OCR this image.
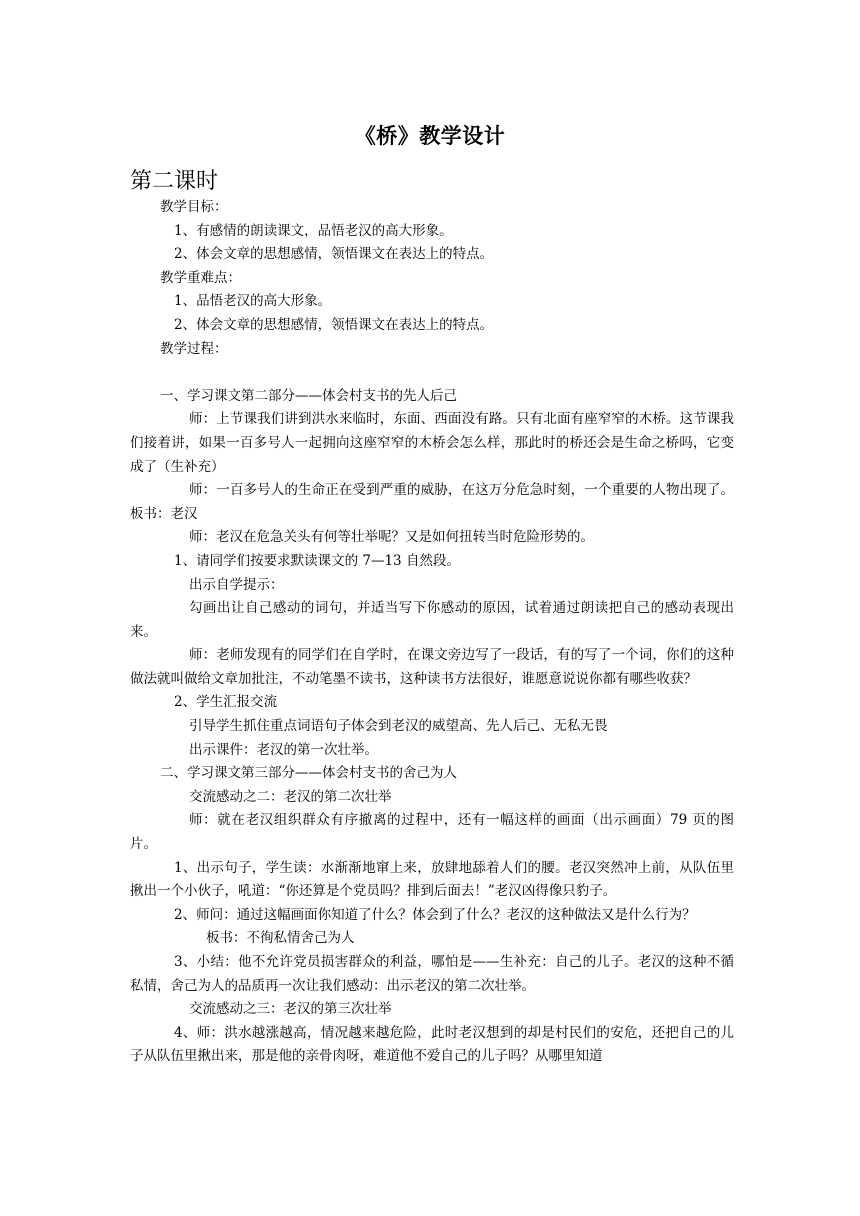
《桥》教学设计
第二课时

教学目标：

1、有感情的朗读课文，品悟老汉的高大形象。

2、体会文章的思想感情，领悟课文在表达上的特点。

教学重难点：

1、品悟老汉的高大形象。

2、体会文章的思想感情，领悟课文在表达上的特点。

教学过程：

一、学习课文第二部分——体会村支书的先人后己

师：上节课我们讲到洪水来临时，东面、西面没有路。只有北面有座窄窄的木桥。这节课我们接着讲，如果一百多号人一起拥向这座窄窄的木桥会怎么样，那此时的桥还会是生命之桥吗，它变成了（生补充）

师：一百多号人的生命正在受到严重的威胁，在这万分危急时刻，一个重要的人物出现了。板书：老汉

师：老汉在危急关头有何等壮举呢？又是如何扭转当时危险形势的。

1、请同学们按要求默读课文的 7—13 自然段。

出示自学提示：

勾画出让自己感动的词句，并适当写下你感动的原因，试着通过朗读把自己的感动表现出来。

师：老师发现有的同学们在自学时，在课文旁边写了一段话，有的写了一个词，你们的这种做法就叫做给文章加批注，不动笔墨不读书，这种读书方法很好，谁愿意说说你都有哪些收获？

2、学生汇报交流

引导学生抓住重点词语句子体会到老汉的威望高、先人后己、无私无畏

出示课件：老汉的第一次壮举。

二、学习课文第三部分——体会村支书的舍己为人

交流感动之二：老汉的第二次壮举

师：就在老汉组织群众有序撤离的过程中，还有一幅这样的画面（出示画面）79 页的图片。

1、出示句子，学生读：水渐渐地窜上来，放肆地舔着人们的腰。老汉突然冲上前，从队伍里揪出一个小伙子，吼道：“你还算是个党员吗？排到后面去！”老汉凶得像只豹子。

2、师问：通过这幅画面你知道了什么？体会到了什么？老汉的这种做法又是什么行为？

板书：不徇私情舍己为人

3、小结：他不允许党员损害群众的利益，哪怕是——生补充：自己的儿子。老汉的这种不循私情，舍己为人的品质再一次让我们感动：出示老汉的第二次壮举。

交流感动之三：老汉的第三次壮举

4、师：洪水越涨越高，情况越来越危险，此时老汉想到的却是村民们的安危，还把自己的儿子从队伍里揪出来，那是他的亲骨肉呀，难道他不爱自己的儿子吗？从哪里知道
